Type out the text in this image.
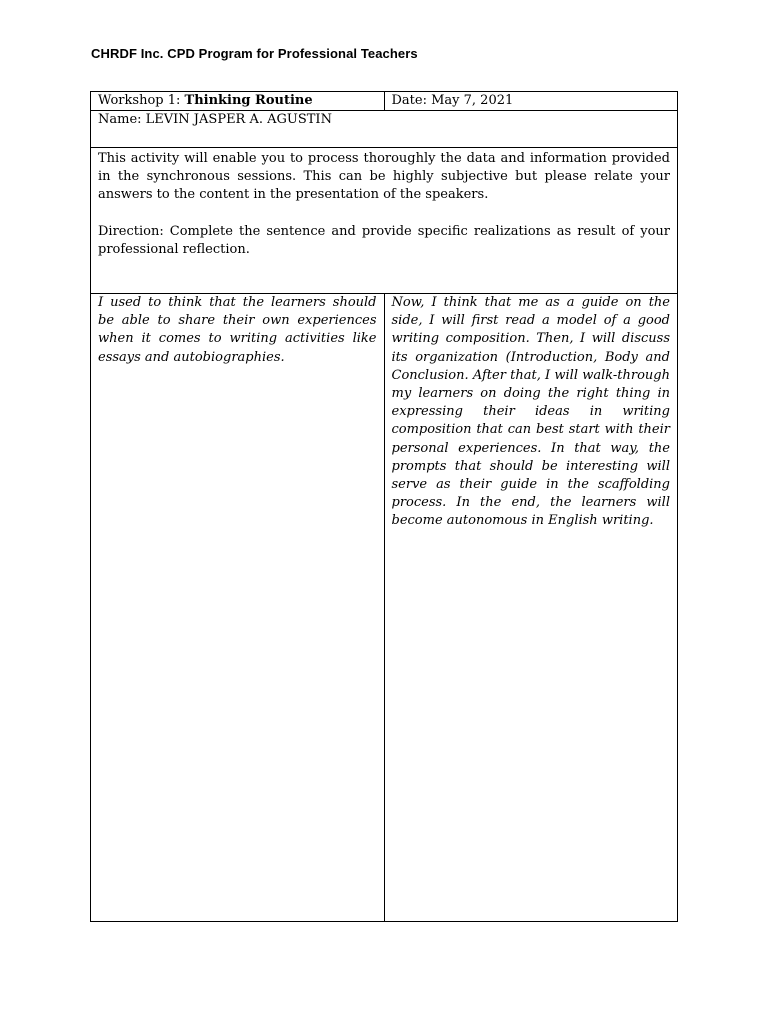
CHRDF Inc. CPD Program for Professional Teachers
Workshop 1: Thinking Routine	Date: May 7, 2021
Name: LEVIN JASPER A. AGUSTIN	

This activity will enable you to process thoroughly the data and information provided in the synchronous sessions. This can be highly subjective but please relate your answers to the content in the presentation of the speakers.

Direction: Complete the sentence and provide specific realizations as result of your professional reflection.	

I used to think that the learners should be able to share their own experiences when it comes to writing activities like essays and autobiographies.	Now, I think that me as a guide on the side, I will first read a model of a good writing composition. Then, I will discuss its organization (Introduction, Body and Conclusion. After that, I will walk-through my learners on doing the right thing in expressing their ideas in writing composition that can best start with their personal experiences. In that way, the prompts that should be interesting will serve as their guide in the scaffolding process. In the end, the learners will become autonomous in English writing.
